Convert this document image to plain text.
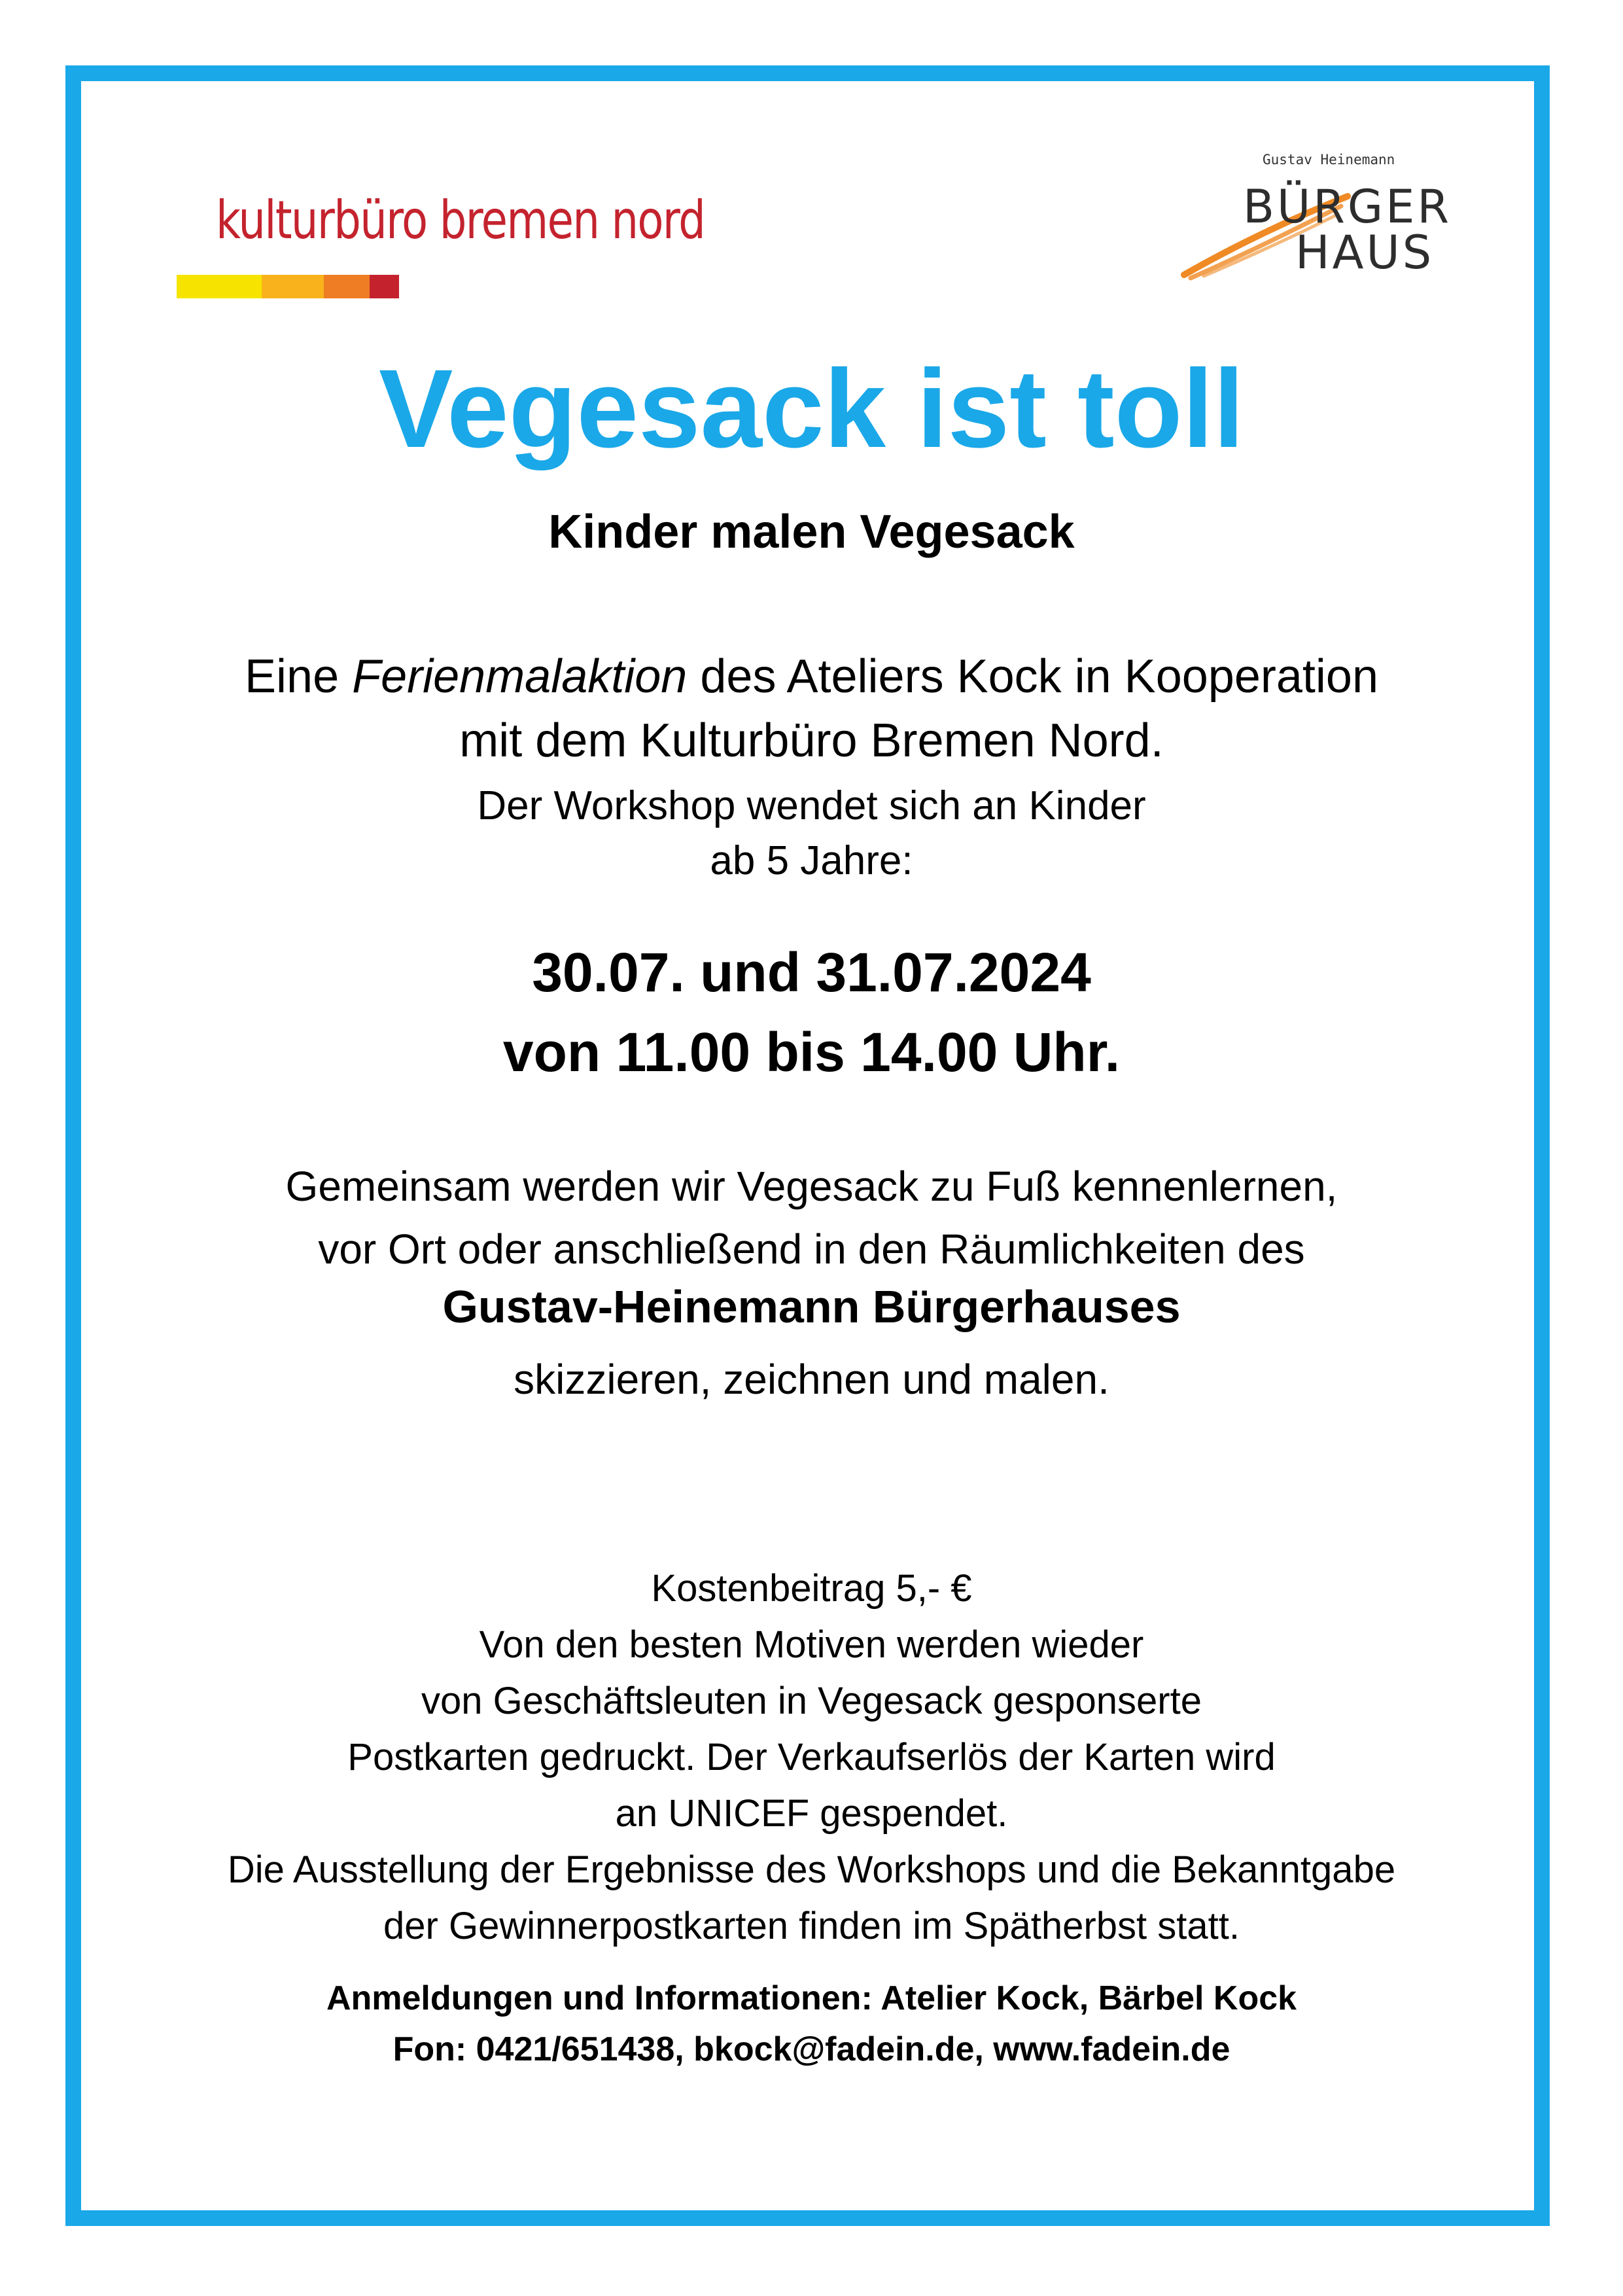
kulturbüro bremen nord
Gustav Heinemann
BÜRGER
HAUS
Vegesack ist toll
Kinder malen Vegesack
Eine Ferienmalaktion des Ateliers Kock in Kooperation
mit dem Kulturbüro Bremen Nord.
Der Workshop wendet sich an Kinder
ab 5 Jahre:
30.07. und 31.07.2024
von 11.00 bis 14.00 Uhr.
Gemeinsam werden wir Vegesack zu Fuß kennenlernen,
vor Ort oder anschließend in den Räumlichkeiten des
Gustav-Heinemann Bürgerhauses
skizzieren, zeichnen und malen.
Kostenbeitrag 5,- €
Von den besten Motiven werden wieder
von Geschäftsleuten in Vegesack gesponserte
Postkarten gedruckt. Der Verkaufserlös der Karten wird
an UNICEF gespendet.
Die Ausstellung der Ergebnisse des Workshops und die Bekanntgabe
der Gewinnerpostkarten finden im Spätherbst statt.
Anmeldungen und Informationen: Atelier Kock, Bärbel Kock
Fon: 0421/651438, bkock@fadein.de, www.fadein.de
